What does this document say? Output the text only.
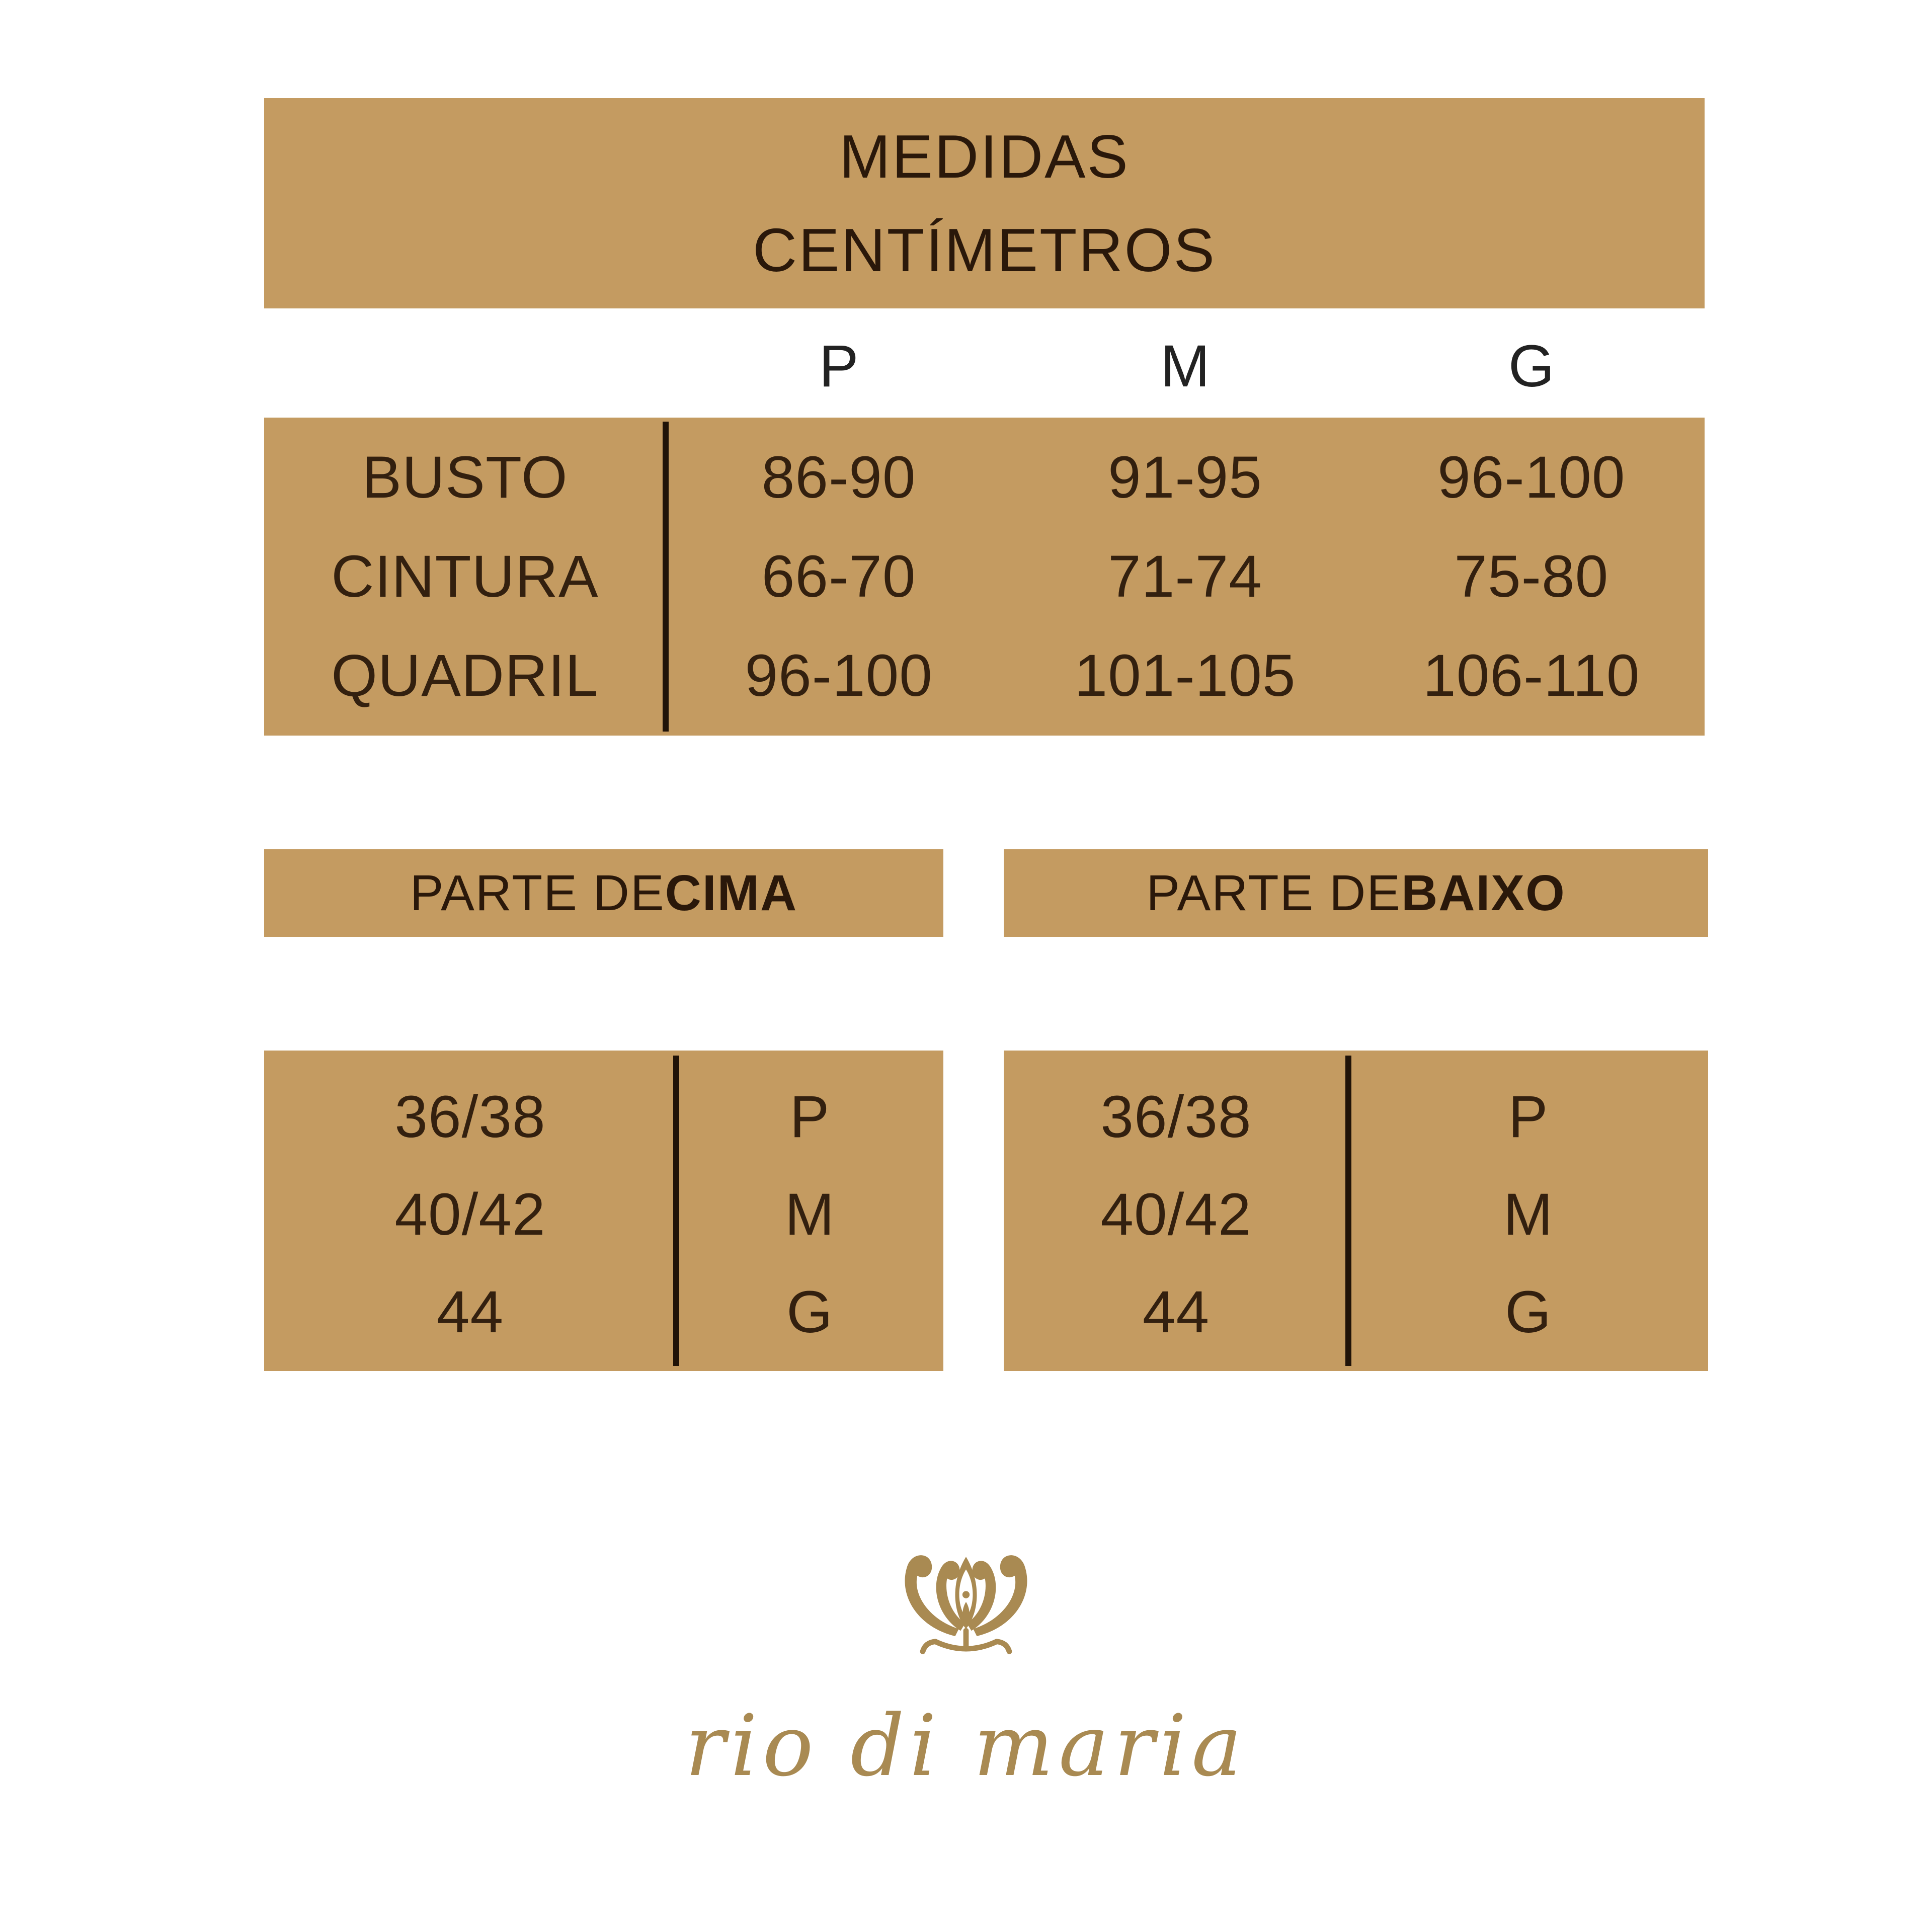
MEDIDAS
CENTÍMETROS
P	M	G
BUSTO	86-90	91-95	96-100
CINTURA	66-70	71-74	75-80
QUADRIL	96-100	101-105	106-110
PARTE DE CIMA	PARTE DE BAIXO
36/38	P
40/42	M
44	G
36/38	P
40/42	M
44	G
rio di maria
